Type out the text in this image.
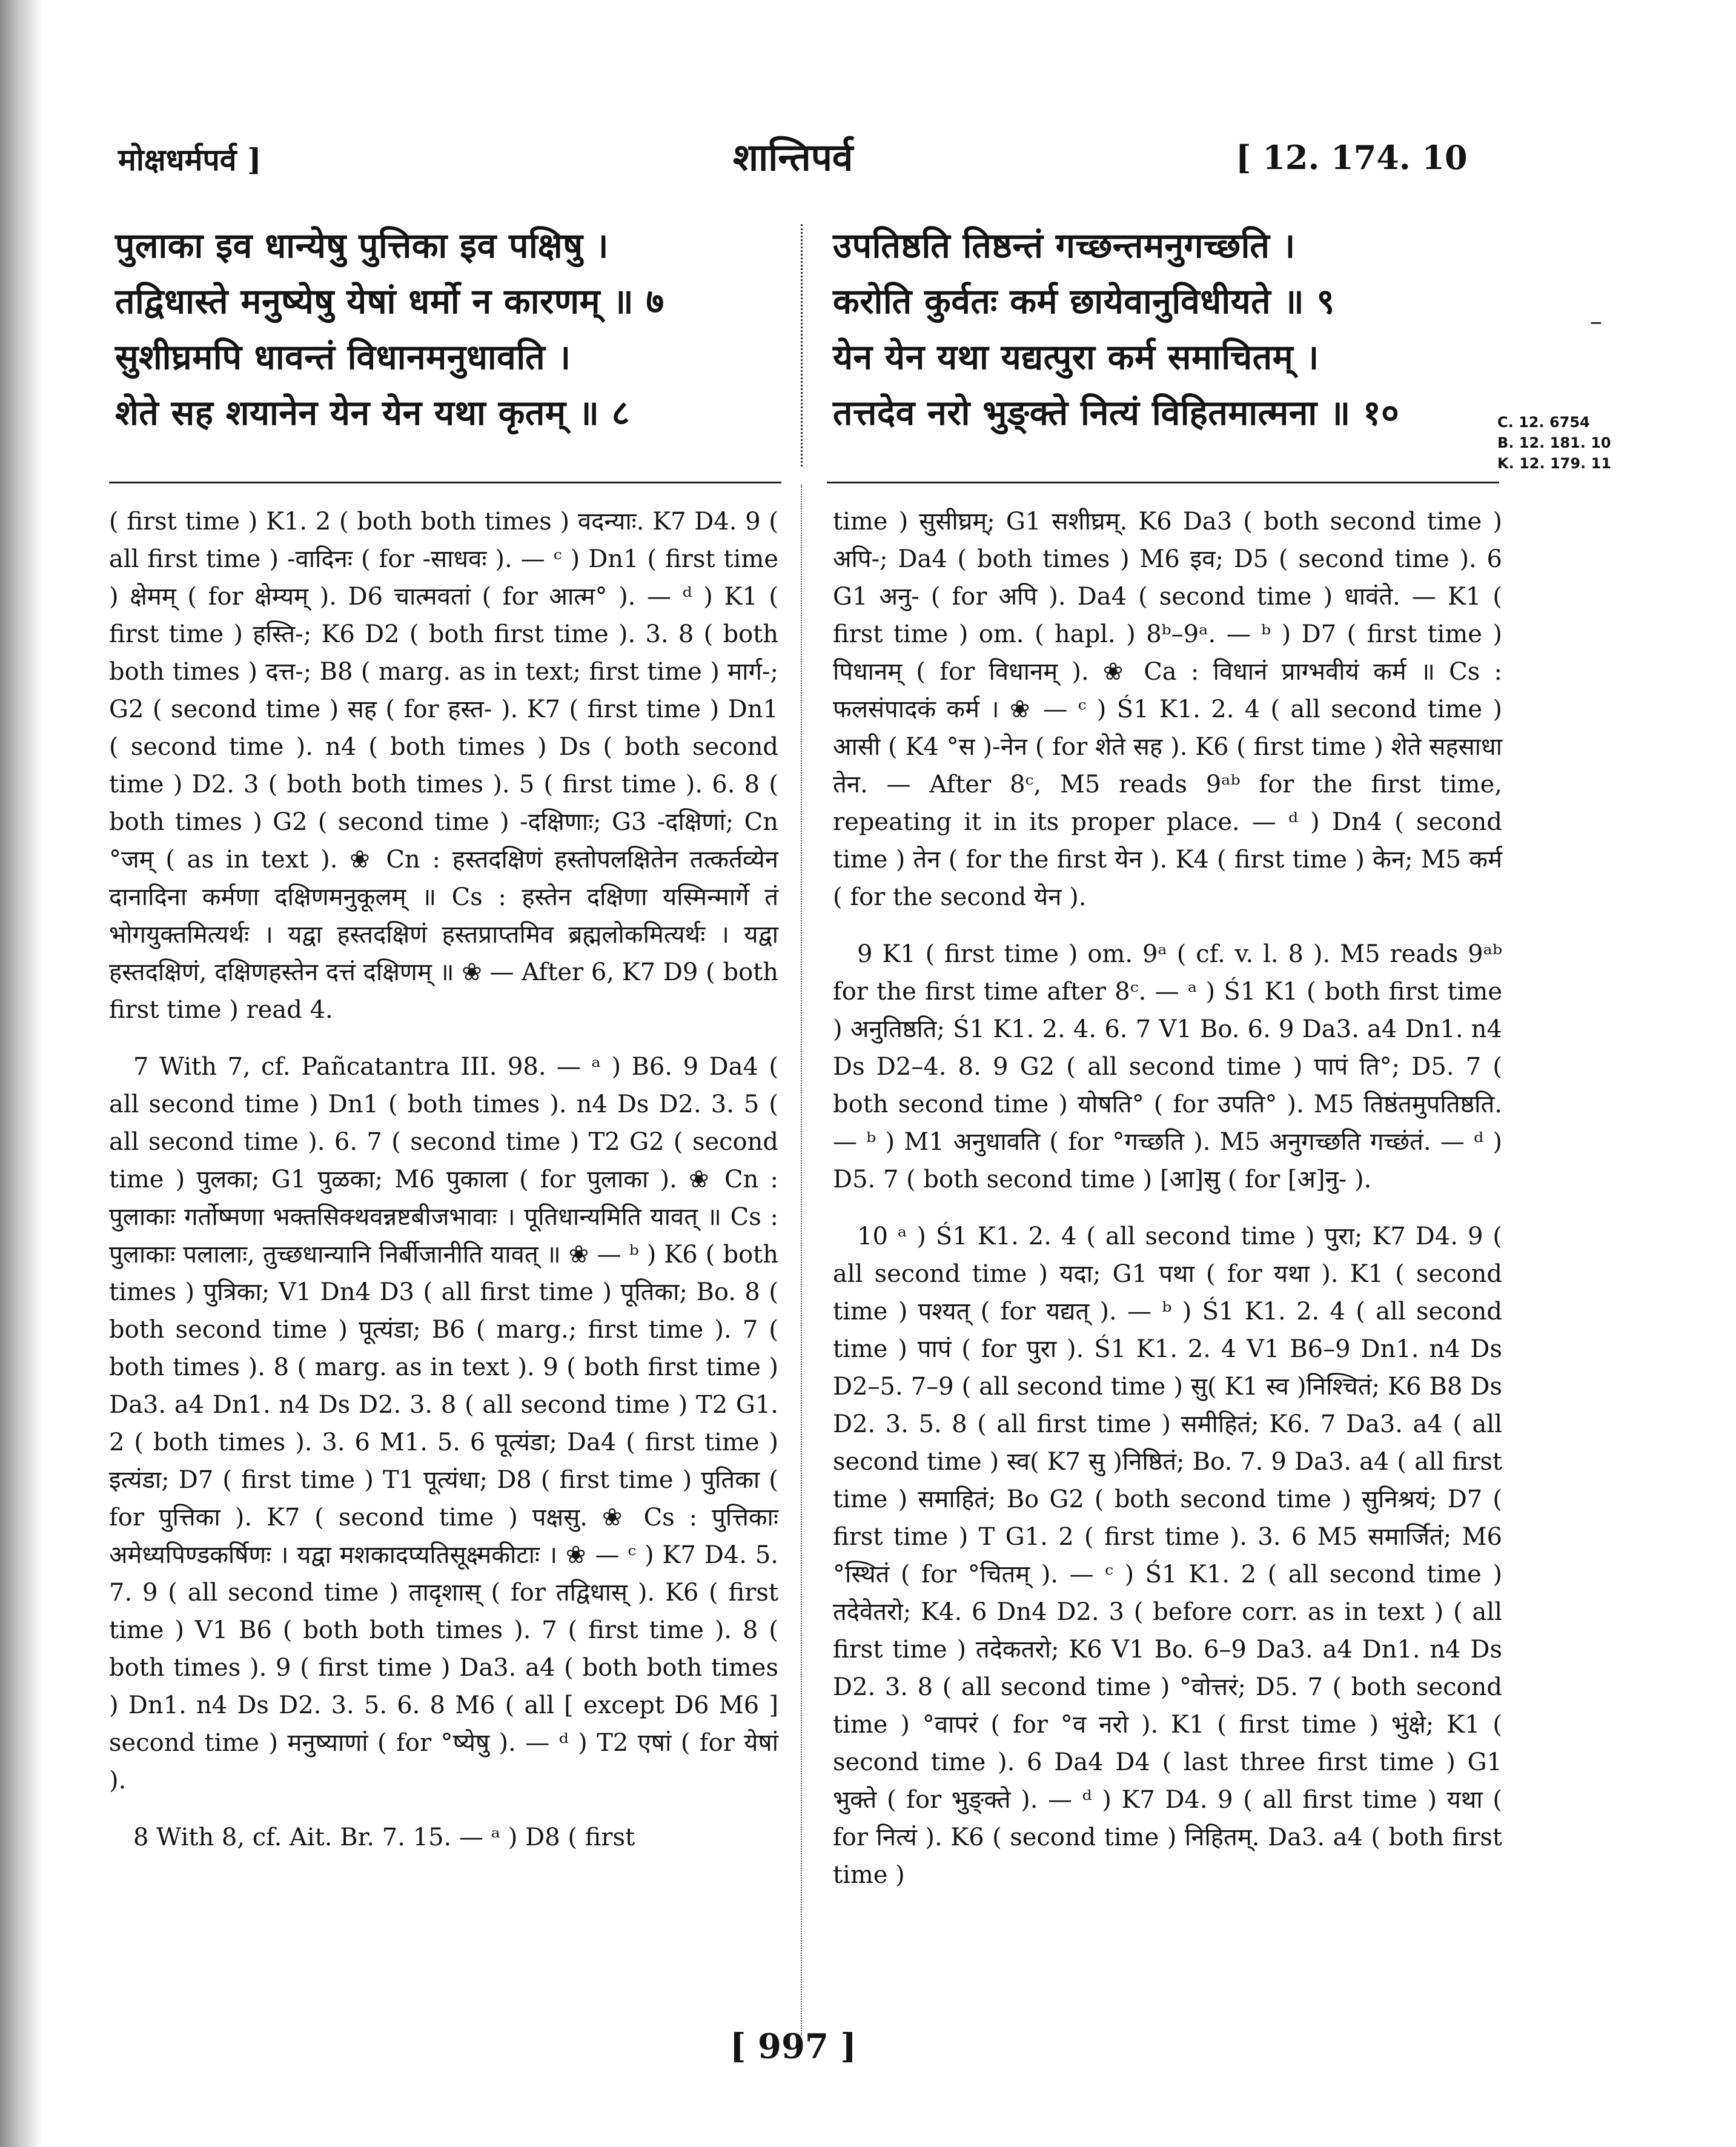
मोक्षधर्मपर्व ]	शान्तिपर्व	[ 12. 174. 10
पुलाका इव धान्येषु पुत्तिका इव पक्षिषु ।
तद्विधास्ते मनुष्येषु येषां धर्मो न कारणम् ॥ ७
सुशीघ्रमपि धावन्तं विधानमनुधावति ।
शेते सह शयानेन येन येन यथा कृतम् ॥ ८
उपतिष्ठति तिष्ठन्तं गच्छन्तमनुगच्छति ।
करोति कुर्वतः कर्म छायेवानुविधीयते ॥ ९
येन येन यथा यद्यत्पुरा कर्म समाचितम् ।
तत्तदेव नरो भुङ्क्ते नित्यं विहितमात्मना ॥ १०
–
C. 12. 6754
B. 12. 181. 10
K. 12. 179. 11

( first time ) K1. 2 ( both both times ) वदन्याः. K7 D4. 9 ( all first time ) -वादिनः ( for -साधवः ). — ᶜ ) Dn1 ( first time ) क्षेमम् ( for क्षेम्यम् ). D6 चात्मवतां ( for आत्म° ). — ᵈ ) K1 ( first time ) हस्ति-; K6 D2 ( both first time ). 3. 8 ( both both times ) दत्त-; B8 ( marg. as in text; first time ) मार्ग-; G2 ( second time ) सह ( for हस्त- ). K7 ( first time ) Dn1 ( second time ). n4 ( both times ) Ds ( both second time ) D2. 3 ( both both times ). 5 ( first time ). 6. 8 ( both times ) G2 ( second time ) -दक्षिणाः; G3 -दक्षिणां; Cn °जम् ( as in text ). ❀ Cn : हस्तदक्षिणं हस्तोपलक्षितेन तत्कर्तव्येन दानादिना कर्मणा दक्षिणमनुकूलम् ॥ Cs : हस्तेन दक्षिणा यस्मिन्मार्गे तं भोगयुक्तमित्यर्थः । यद्वा हस्तदक्षिणं हस्तप्राप्तमिव ब्रह्मलोकमित्यर्थः । यद्वा हस्तदक्षिणं, दक्षिणहस्तेन दत्तं दक्षिणम् ॥ ❀ — After 6, K7 D9 ( both first time ) read 4.

7 With 7, cf. Pañcatantra III. 98. — ᵃ ) B6. 9 Da4 ( all second time ) Dn1 ( both times ). n4 Ds D2. 3. 5 ( all second time ). 6. 7 ( second time ) T2 G2 ( second time ) पुलका; G1 पुळका; M6 पुकाला ( for पुलाका ). ❀ Cn : पुलाकाः गर्तोष्मणा भक्तसिक्थवन्नष्टबीजभावाः । पूतिधान्यमिति यावत् ॥ Cs : पुलाकाः पलालाः, तुच्छधान्यानि निर्बीजानीति यावत् ॥ ❀ — ᵇ ) K6 ( both times ) पुत्रिका; V1 Dn4 D3 ( all first time ) पूतिका; Bo. 8 ( both second time ) पूत्यंडा; B6 ( marg.; first time ). 7 ( both times ). 8 ( marg. as in text ). 9 ( both first time ) Da3. a4 Dn1. n4 Ds D2. 3. 8 ( all second time ) T2 G1. 2 ( both times ). 3. 6 M1. 5. 6 पूत्यंडा; Da4 ( first time ) इत्यंडा; D7 ( first time ) T1 पूत्यंधा; D8 ( first time ) पुतिका ( for पुत्तिका ). K7 ( second time ) पक्षसु. ❀ Cs : पुत्तिकाः अमेध्यपिण्डकर्षिणः । यद्वा मशकादप्यतिसूक्ष्मकीटाः । ❀ — ᶜ ) K7 D4. 5. 7. 9 ( all second time ) तादृशास् ( for तद्विधास् ). K6 ( first time ) V1 B6 ( both both times ). 7 ( first time ). 8 ( both times ). 9 ( first time ) Da3. a4 ( both both times ) Dn1. n4 Ds D2. 3. 5. 6. 8 M6 ( all [ except D6 M6 ] second time ) मनुष्याणां ( for °ष्येषु ). — ᵈ ) T2 एषां ( for येषां ).

8 With 8, cf. Ait. Br. 7. 15. — ᵃ ) D8 ( first

time ) सुसीघ्रम्; G1 सशीघ्रम्. K6 Da3 ( both second time ) अपि-; Da4 ( both times ) M6 इव; D5 ( second time ). 6 G1 अनु- ( for अपि ). Da4 ( second time ) धावंते. — K1 ( first time ) om. ( hapl. ) 8ᵇ–9ᵃ. — ᵇ ) D7 ( first time ) पिधानम् ( for विधानम् ). ❀ Ca : विधानं प्राग्भवीयं कर्म ॥ Cs : फलसंपादकं कर्म । ❀ — ᶜ ) Ś1 K1. 2. 4 ( all second time ) आसी ( K4 °स )-नेन ( for शेते सह ). K6 ( first time ) शेते सहसाधा तेन. — After 8ᶜ, M5 reads 9ᵃᵇ for the first time, repeating it in its proper place. — ᵈ ) Dn4 ( second time ) तेन ( for the first येन ). K4 ( first time ) केन; M5 कर्म ( for the second येन ).

9 K1 ( first time ) om. 9ᵃ ( cf. v. l. 8 ). M5 reads 9ᵃᵇ for the first time after 8ᶜ. — ᵃ ) Ś1 K1 ( both first time ) अनुतिष्ठति; Ś1 K1. 2. 4. 6. 7 V1 Bo. 6. 9 Da3. a4 Dn1. n4 Ds D2–4. 8. 9 G2 ( all second time ) पापं ति°; D5. 7 ( both second time ) योषति° ( for उपति° ). M5 तिष्ठंतमुपतिष्ठति. — ᵇ ) M1 अनुधावति ( for °गच्छति ). M5 अनुगच्छति गच्छंतं. — ᵈ ) D5. 7 ( both second time ) [आ]सु ( for [अ]नु- ).

10 ᵃ ) Ś1 K1. 2. 4 ( all second time ) पुरा; K7 D4. 9 ( all second time ) यदा; G1 पथा ( for यथा ). K1 ( second time ) पश्यत् ( for यद्यत् ). — ᵇ ) Ś1 K1. 2. 4 ( all second time ) पापं ( for पुरा ). Ś1 K1. 2. 4 V1 B6–9 Dn1. n4 Ds D2–5. 7–9 ( all second time ) सु( K1 स्व )निश्चितं; K6 B8 Ds D2. 3. 5. 8 ( all first time ) समीहितं; K6. 7 Da3. a4 ( all second time ) स्व( K7 सु )निष्ठितं; Bo. 7. 9 Da3. a4 ( all first time ) समाहितं; Bo G2 ( both second time ) सुनिश्रयं; D7 ( first time ) T G1. 2 ( first time ). 3. 6 M5 समार्जितं; M6 °स्थितं ( for °चितम् ). — ᶜ ) Ś1 K1. 2 ( all second time ) तदेवेतरो; K4. 6 Dn4 D2. 3 ( before corr. as in text ) ( all first time ) तदेकतरो; K6 V1 Bo. 6–9 Da3. a4 Dn1. n4 Ds D2. 3. 8 ( all second time ) °वोत्तरं; D5. 7 ( both second time ) °वापरं ( for °व नरो ). K1 ( first time ) भुंक्षे; K1 ( second time ). 6 Da4 D4 ( last three first time ) G1 भुक्ते ( for भुङ्क्ते ). — ᵈ ) K7 D4. 9 ( all first time ) यथा ( for नित्यं ). K6 ( second time ) निहितम्. Da3. a4 ( both first time )

[ 997 ]
